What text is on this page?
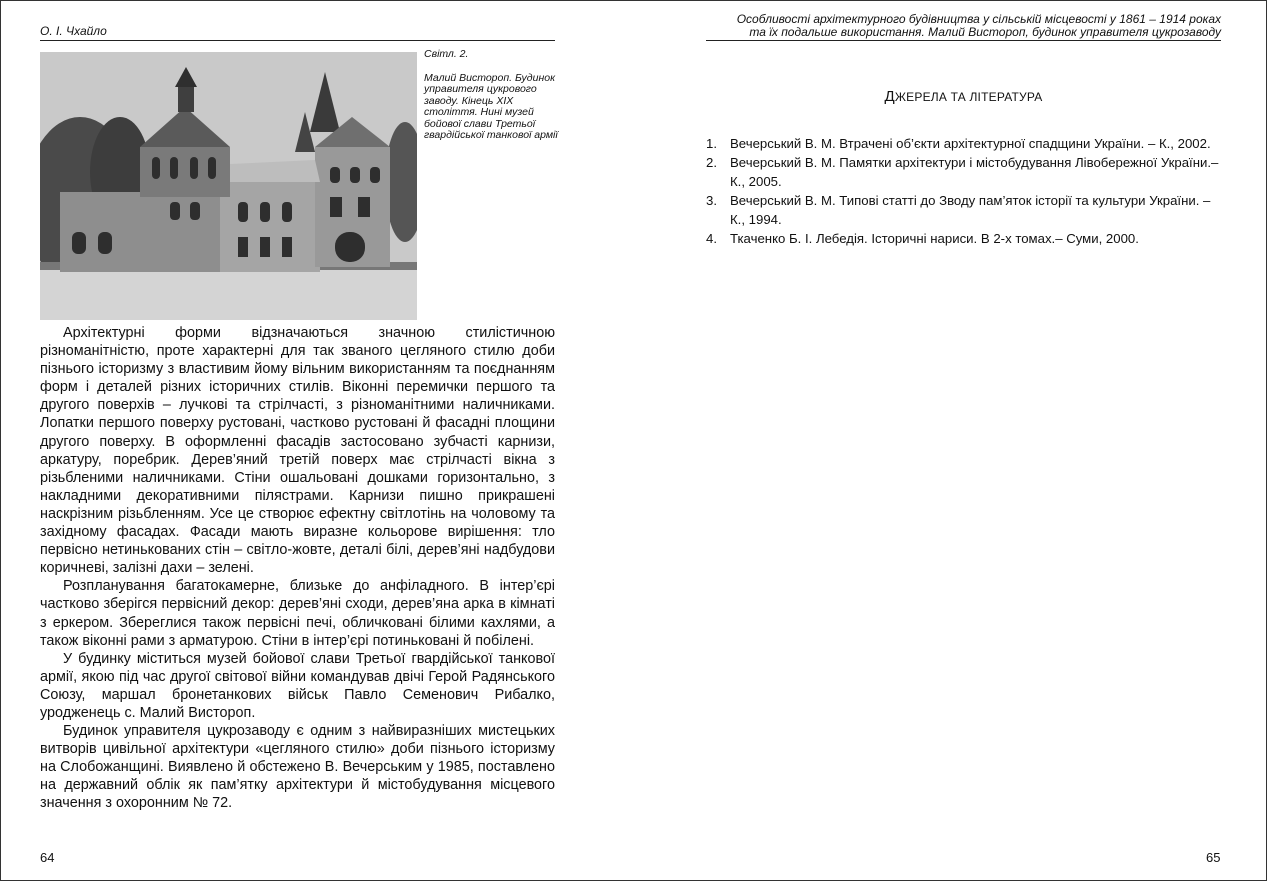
О. І. Чхайло
Світл. 2.
Малий Вистороп. Будинок управителя цукрового заводу. Кінець XIX століття. Нині музей бойової слави Третьої гвардійської танкової армії

Архітектурні форми відзначаються значною стилістичною різноманітністю, проте характерні для так званого цегляного стилю доби пізнього історизму з властивим йому вільним використанням та поєднанням форм і деталей різних історичних стилів. Віконні перемички першого та другого поверхів – лучкові та стрілчасті, з різноманітними наличниками. Лопатки першого поверху рустовані, частково рустовані й фасадні площини другого поверху. В оформленні фасадів застосовано зубчасті карнизи, аркатуру, поребрик. Дерев’яний третій поверх має стрілчасті вікна з різьбленими наличниками. Стіни ошальовані дошками горизонтально, з накладними декоративними пілястрами. Карнизи пишно прикрашені наскрізним різьбленням. Усе це створює ефектну світлотінь на чоловому та західному фасадах. Фасади мають виразне кольорове вирішення: тло первісно нетинькованих стін – світло-жовте, деталі білі, дерев’яні надбудови коричневі, залізні дахи – зелені.

Розпланування багатокамерне, близьке до анфіладного. В інтер’єрі частково зберігся первісний декор: дерев’яні сходи, дерев’яна арка в кімнаті з еркером. Збереглися також первісні печі, обличковані білими кахлями, а також віконні рами з арматурою. Стіни в інтер’єрі потиньковані й побілені.

У будинку міститься музей бойової слави Третьої гвардійської танкової армії, якою під час другої світової війни командував двічі Герой Радянського Союзу, маршал бронетанкових військ Павло Семенович Рибалко, уродженець с. Малий Вистороп.

Будинок управителя цукрозаводу є одним з найвиразніших мистецьких витворів цивільної архітектури «цегляного стилю» доби пізнього історизму на Слобожанщині. Виявлено й обстежено В. Вечерським у 1985, поставлено на державний облік як пам’ятку архітектури й містобудування місцевого значення з охоронним № 72.

64
Особливості архітектурного будівництва у сільській місцевості у 1861 – 1914 роках
та їх подальше використання. Малий Вистороп, будинок управителя цукрозаводу
ДЖЕРЕЛА ТА ЛІТЕРАТУРА
1. Вечерський В. М. Втрачені об’єкти архітектурної спадщини України. – К., 2002.
2. Вечерський В. М. Памятки архітектури і містобудування Лівобережної України.– К., 2005.
3. Вечерський В. М. Типові статті до Зводу пам’яток історії та культури України. – К., 1994.
4. Ткаченко Б. І. Лебедія. Історичні нариси. В 2-х томах.– Суми, 2000.
65
